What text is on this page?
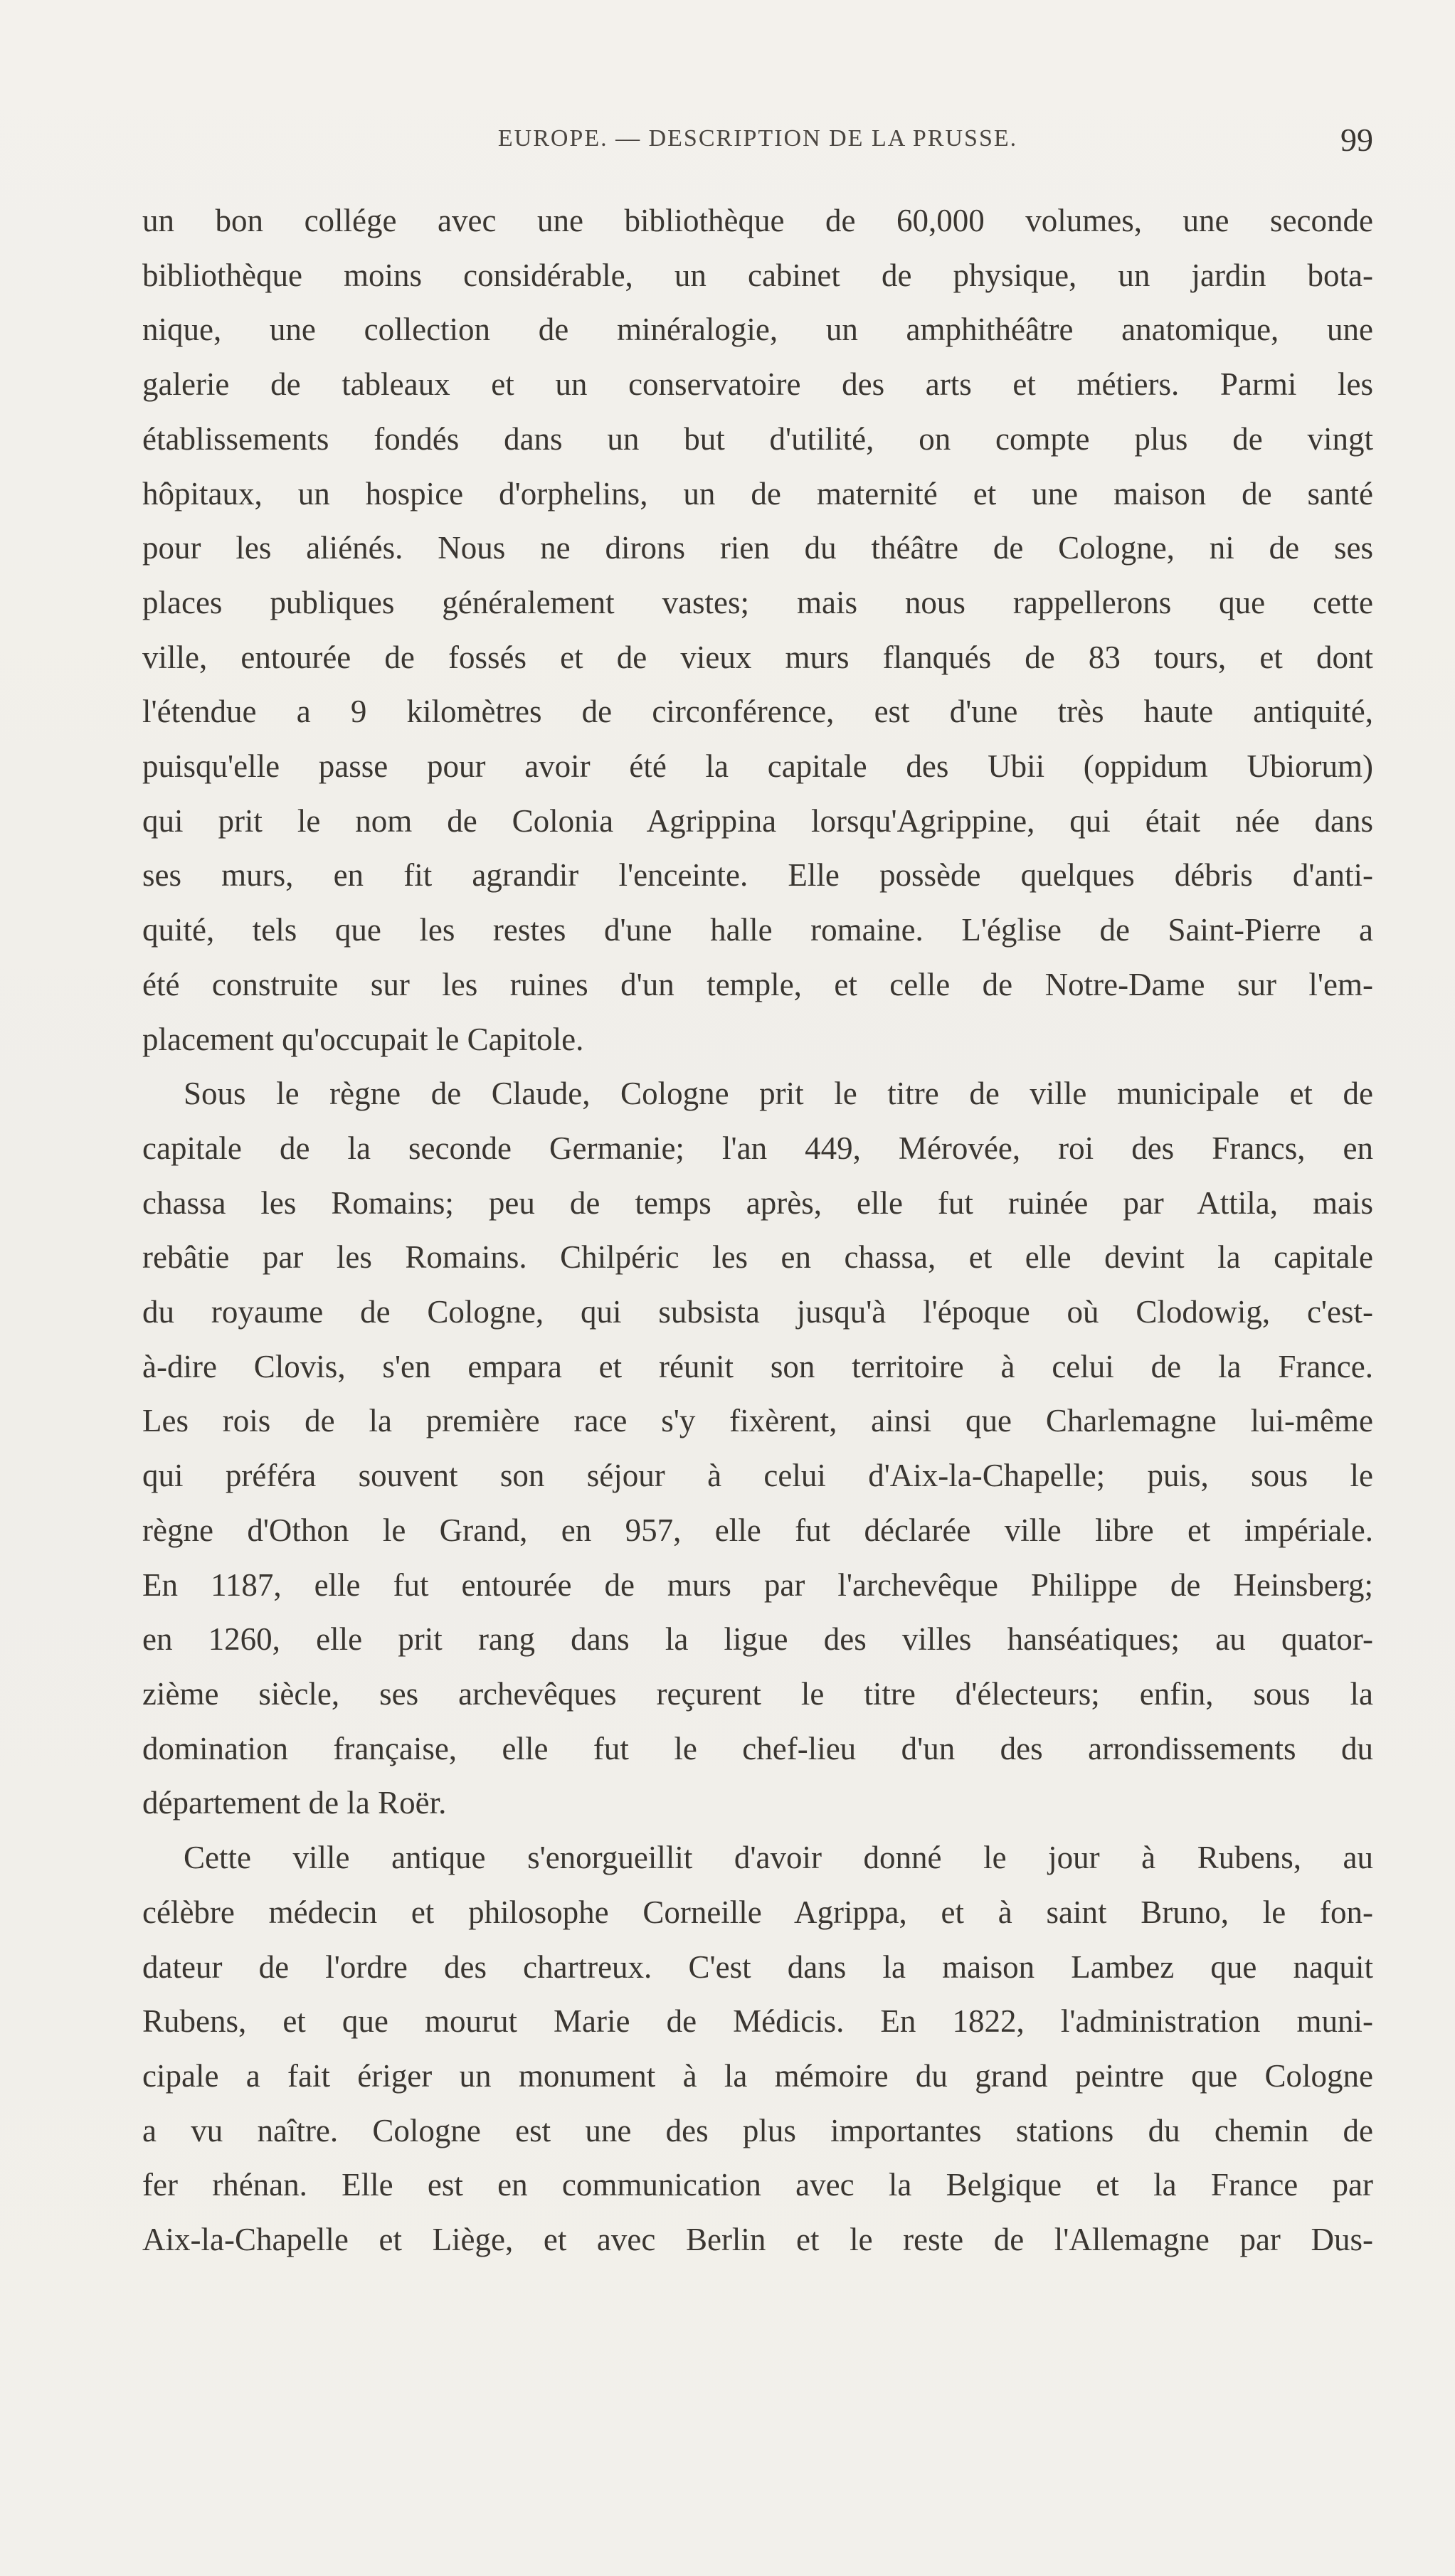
EUROPE. — DESCRIPTION DE LA PRUSSE.	99

un bon collége avec une bibliothèque de 60,000 volumes, une seconde

bibliothèque moins considérable, un cabinet de physique, un jardin bota-

nique, une collection de minéralogie, un amphithéâtre anatomique, une

galerie de tableaux et un conservatoire des arts et métiers. Parmi les

établissements fondés dans un but d'utilité, on compte plus de vingt

hôpitaux, un hospice d'orphelins, un de maternité et une maison de santé

pour les aliénés. Nous ne dirons rien du théâtre de Cologne, ni de ses

places publiques généralement vastes; mais nous rappellerons que cette

ville, entourée de fossés et de vieux murs flanqués de 83 tours, et dont

l'étendue a 9 kilomètres de circonférence, est d'une très haute antiquité,

puisqu'elle passe pour avoir été la capitale des Ubii (oppidum Ubiorum)

qui prit le nom de Colonia Agrippina lorsqu'Agrippine, qui était née dans

ses murs, en fit agrandir l'enceinte. Elle possède quelques débris d'anti-

quité, tels que les restes d'une halle romaine. L'église de Saint-Pierre a

été construite sur les ruines d'un temple, et celle de Notre-Dame sur l'em-

placement qu'occupait le Capitole.

Sous le règne de Claude, Cologne prit le titre de ville municipale et de

capitale de la seconde Germanie; l'an 449, Mérovée, roi des Francs, en

chassa les Romains; peu de temps après, elle fut ruinée par Attila, mais

rebâtie par les Romains. Chilpéric les en chassa, et elle devint la capitale

du royaume de Cologne, qui subsista jusqu'à l'époque où Clodowig, c'est-

à-dire Clovis, s'en empara et réunit son territoire à celui de la France.

Les rois de la première race s'y fixèrent, ainsi que Charlemagne lui-même

qui préféra souvent son séjour à celui d'Aix-la-Chapelle; puis, sous le

règne d'Othon le Grand, en 957, elle fut déclarée ville libre et impériale.

En 1187, elle fut entourée de murs par l'archevêque Philippe de Heinsberg;

en 1260, elle prit rang dans la ligue des villes hanséatiques; au quator-

zième siècle, ses archevêques reçurent le titre d'électeurs; enfin, sous la

domination française, elle fut le chef-lieu d'un des arrondissements du

département de la Roër.

Cette ville antique s'enorgueillit d'avoir donné le jour à Rubens, au

célèbre médecin et philosophe Corneille Agrippa, et à saint Bruno, le fon-

dateur de l'ordre des chartreux. C'est dans la maison Lambez que naquit

Rubens, et que mourut Marie de Médicis. En 1822, l'administration muni-

cipale a fait ériger un monument à la mémoire du grand peintre que Cologne

a vu naître. Cologne est une des plus importantes stations du chemin de

fer rhénan. Elle est en communication avec la Belgique et la France par

Aix-la-Chapelle et Liège, et avec Berlin et le reste de l'Allemagne par Dus-
